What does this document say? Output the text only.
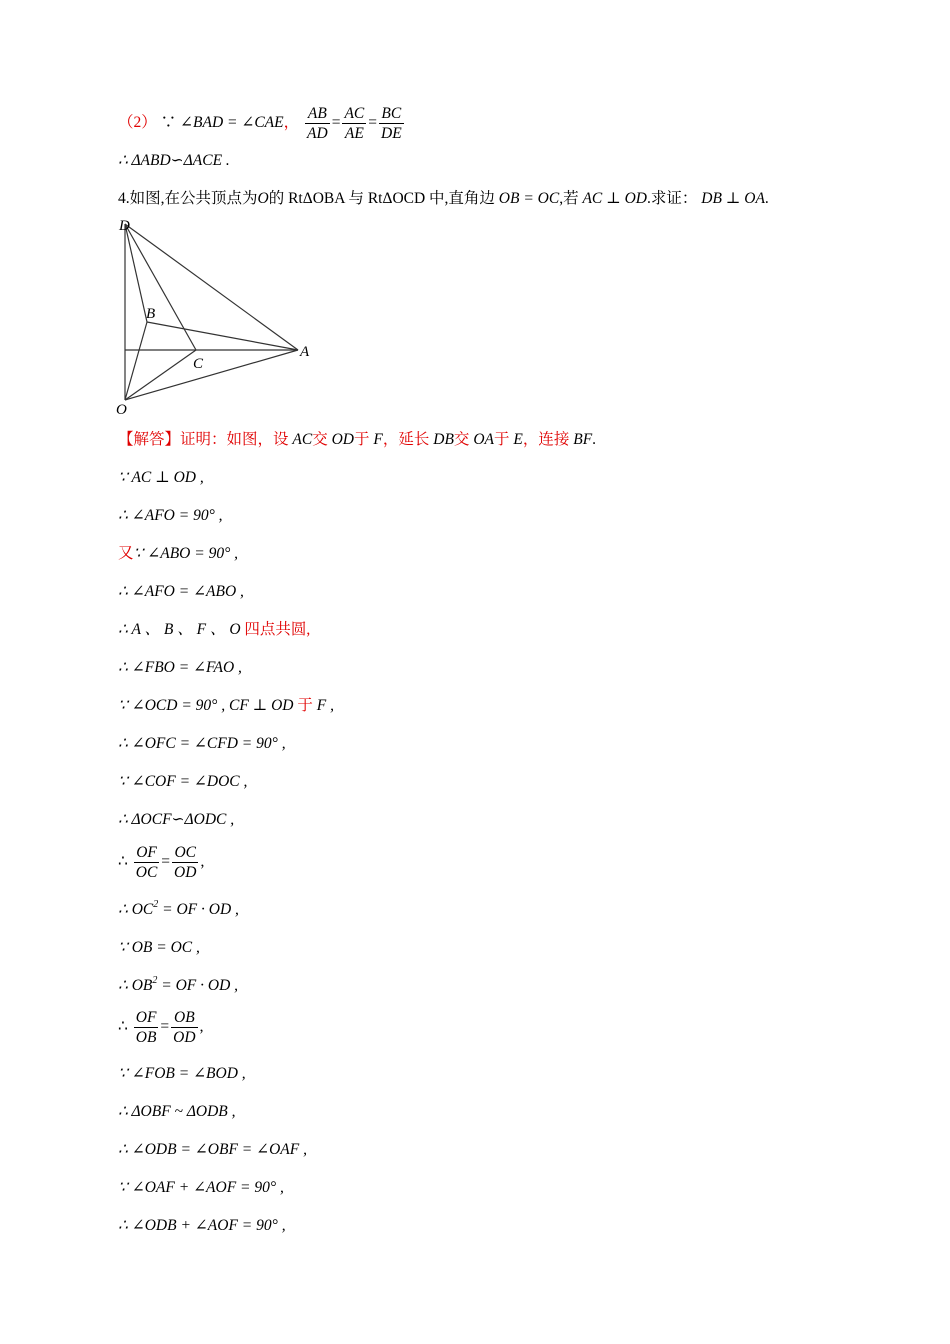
（2） ∵ ∠BAD = ∠CAE， $\frac{AB}{AD} = \frac{AC}{AE} = \frac{BC}{DE}$
∴ ΔABD∽ΔACE .
4.如图,在公共顶点为O的 RtΔOBA 与 RtΔOCD 中,直角边 OB = OC,若 AC ⊥ OD.求证： DB ⊥ OA.
D
B
C
A
O
【解答】证明：如图，设 AC交 OD于 F，延长 DB交 OA于 E，连接 BF.
∵ AC ⊥ OD ,
∴ ∠AFO = 90° ,
又∵ ∠ABO = 90° ,
∴ ∠AFO = ∠ABO ,
∴ A 、 B 、 F 、 O 四点共圆,
∴ ∠FBO = ∠FAO ,
∵ ∠OCD = 90° , CF ⊥ OD 于 F ,
∴ ∠OFC = ∠CFD = 90° ,
∵ ∠COF = ∠DOC ,
∴ ΔOCF∽ΔODC ,
∴ $\frac{OF}{OC} = \frac{OC}{OD}$ ,
∴ $OC^2$ = OF · OD ,
∵ OB = OC ,
∴ $OB^2$ = OF · OD ,
∴ $\frac{OF}{OB} = \frac{OB}{OD}$ ,
∵ ∠FOB = ∠BOD ,
∴ ΔOBF ~ ΔODB ,
∴ ∠ODB = ∠OBF = ∠OAF ,
∵ ∠OAF + ∠AOF = 90° ,
∴ ∠ODB + ∠AOF = 90° ,
